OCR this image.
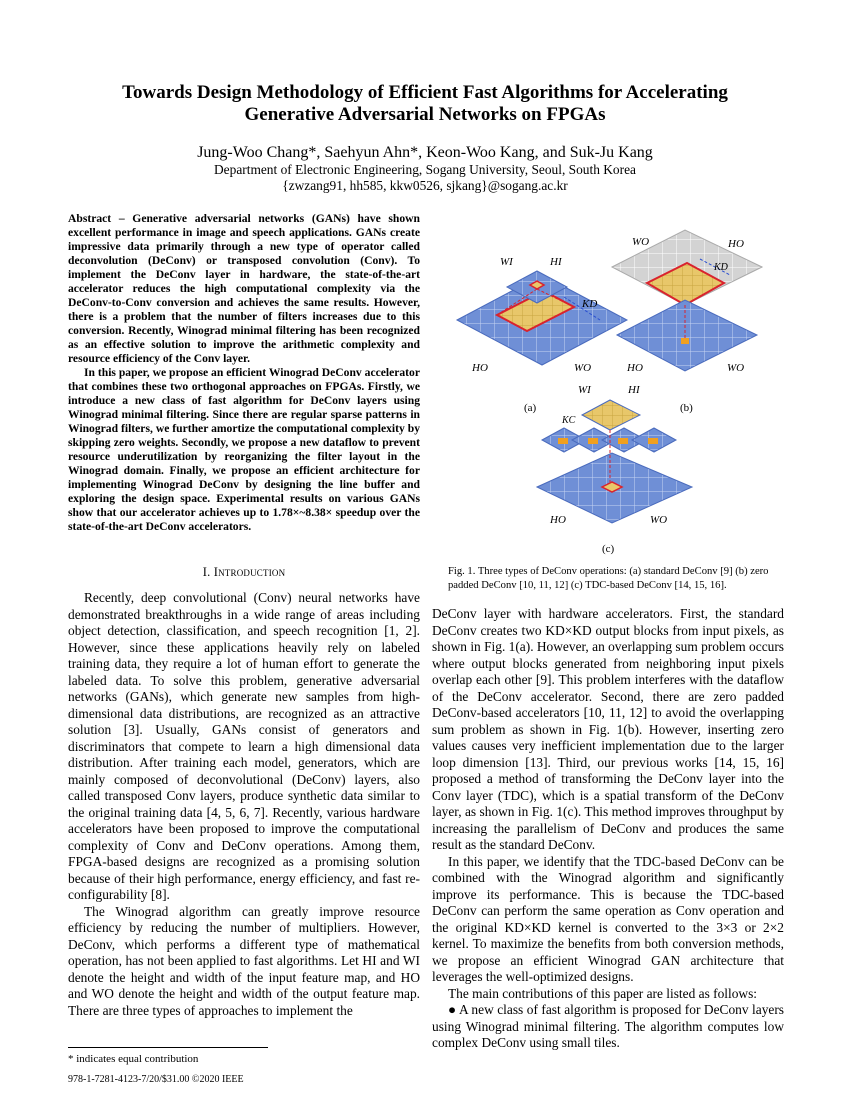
Towards Design Methodology of Efficient Fast Algorithms for Accelerating
Generative Adversarial Networks on FPGAs
Jung-Woo Chang*, Saehyun Ahn*, Keon-Woo Kang, and Suk-Ju Kang
Department of Electronic Engineering, Sogang University, Seoul, South Korea
{zwzang91, hh585, kkw0526, sjkang}@sogang.ac.kr

Abstract – Generative adversarial networks (GANs) have shown excellent performance in image and speech applications. GANs create impressive data primarily through a new type of operator called deconvolution (DeConv) or transposed convolution (Conv). To implement the DeConv layer in hardware, the state-of-the-art accelerator reduces the high computational complexity via the DeConv-to-Conv conversion and achieves the same results. However, there is a problem that the number of filters increases due to this conversion. Recently, Winograd minimal filtering has been recognized as an effective solution to improve the arithmetic complexity and resource efficiency of the Conv layer.

In this paper, we propose an efficient Winograd DeConv accelerator that combines these two orthogonal approaches on FPGAs. Firstly, we introduce a new class of fast algorithm for DeConv layers using Winograd minimal filtering. Since there are regular sparse patterns in Winograd filters, we further amortize the computational complexity by skipping zero weights. Secondly, we propose a new dataflow to prevent resource underutilization by reorganizing the filter layout in the Winograd domain. Finally, we propose an efficient architecture for implementing Winograd DeConv by designing the line buffer and exploring the design space. Experimental results on various GANs show that our accelerator achieves up to 1.78×~8.38× speedup over the state-of-the-art DeConv accelerators.

I. Introduction

Recently, deep convolutional (Conv) neural networks have demonstrated breakthroughs in a wide range of areas including object detection, classification, and speech recognition [1, 2]. However, since these applications heavily rely on labeled training data, they require a lot of human effort to generate the labeled data. To solve this problem, generative adversarial networks (GANs), which generate new samples from high-dimensional data distributions, are recognized as an attractive solution [3]. Usually, GANs consist of generators and discriminators that compete to learn a high dimensional data distribution. After training each model, generators, which are mainly composed of deconvolutional (DeConv) layers, also called transposed Conv layers, produce synthetic data similar to the original training data [4, 5, 6, 7]. Recently, various hardware accelerators have been proposed to improve the computational complexity of Conv and DeConv operations. Among them, FPGA-based designs are recognized as a promising solution because of their high performance, energy efficiency, and fast re-configurability [8].

The Winograd algorithm can greatly improve resource efficiency by reducing the number of multipliers. However, DeConv, which performs a different type of mathematical operation, has not been applied to fast algorithms. Let HI and WI denote the height and width of the input feature map, and HO and WO denote the height and width of the output feature map. There are three types of approaches to implement the

WI	HI
KD
HO	WO
(a)
WO	HO
KD
HO	WO
(b)
WI	HI
KC
HO	WO
(c)
Fig. 1. Three types of DeConv operations: (a) standard DeConv [9] (b) zero padded DeConv [10, 11, 12] (c) TDC-based DeConv [14, 15, 16].

DeConv layer with hardware accelerators. First, the standard DeConv creates two KD×KD output blocks from input pixels, as shown in Fig. 1(a). However, an overlapping sum problem occurs where output blocks generated from neighboring input pixels overlap each other [9]. This problem interferes with the dataflow of the DeConv accelerator. Second, there are zero padded DeConv-based accelerators [10, 11, 12] to avoid the overlapping sum problem as shown in Fig. 1(b). However, inserting zero values causes very inefficient implementation due to the larger loop dimension [13]. Third, our previous works [14, 15, 16] proposed a method of transforming the DeConv layer into the Conv layer (TDC), which is a spatial transform of the DeConv layer, as shown in Fig. 1(c). This method improves throughput by increasing the parallelism of DeConv and produces the same result as the standard DeConv.

In this paper, we identify that the TDC-based DeConv can be combined with the Winograd algorithm and significantly improve its performance. This is because the TDC-based DeConv can perform the same operation as Conv operation and the original KD×KD kernel is converted to the 3×3 or 2×2 kernel. To maximize the benefits from both conversion methods, we propose an efficient Winograd GAN architecture that leverages the well-optimized designs.

The main contributions of this paper are listed as follows:

● A new class of fast algorithm is proposed for DeConv layers using Winograd minimal filtering. The algorithm computes low complex DeConv using small tiles.

* indicates equal contribution
978-1-7281-4123-7/20/$31.00 ©2020 IEEE
